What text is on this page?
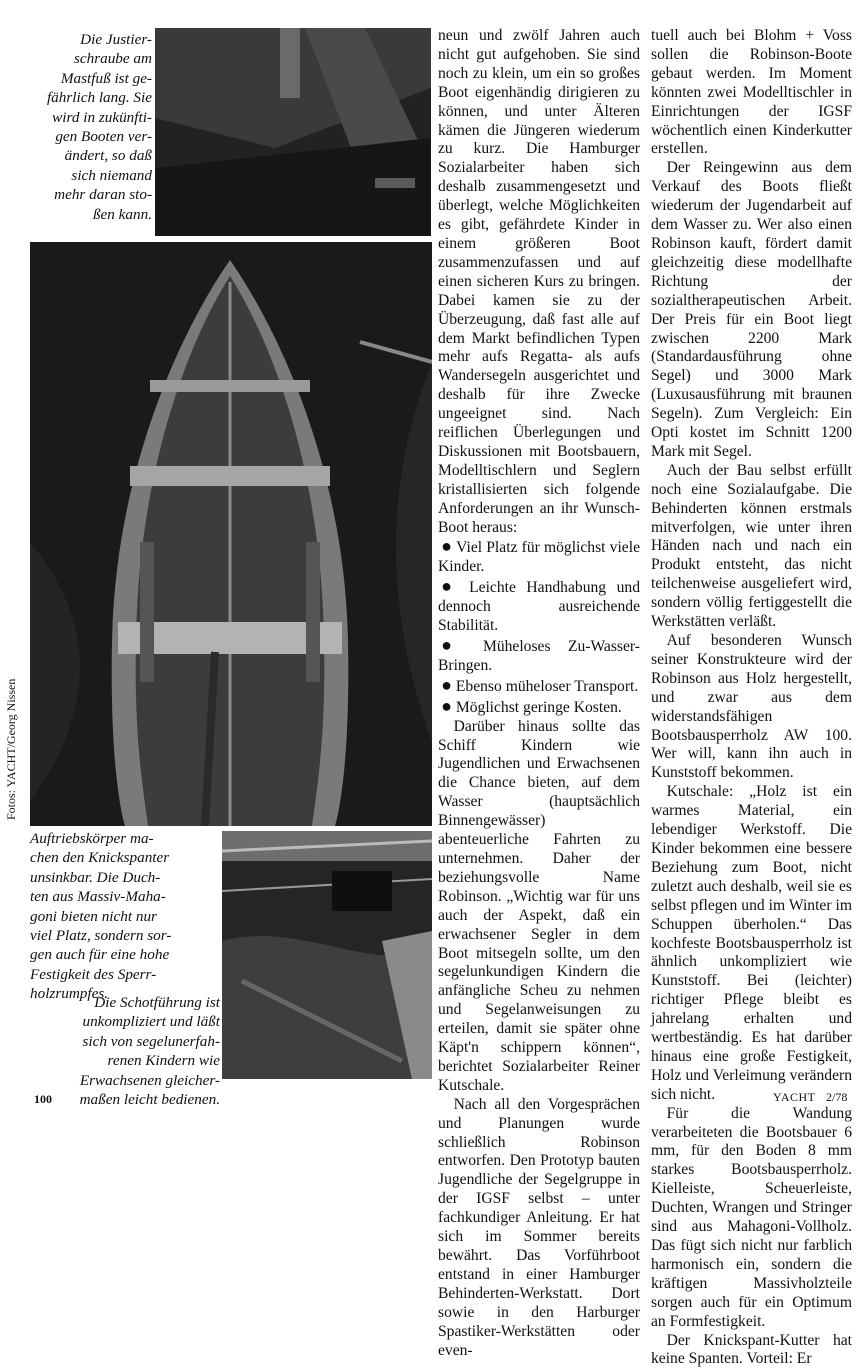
Die Justier-
schraube am
Mastfuß ist ge-
fährlich lang. Sie
wird in zukünfti-
gen Booten ver-
ändert, so daß
sich niemand
mehr daran sto-
ßen kann.
Fotos: YACHT/Georg Nissen
Auftriebskörper ma-
chen den Knickspanter
unsinkbar. Die Duch-
ten aus Massiv-Maha-
goni bieten nicht nur
viel Platz, sondern sor-
gen auch für eine hohe
Festigkeit des Sperr-
holzrumpfes.
Die Schotführung ist
unkompliziert und läßt
sich von segelunerfah-
renen Kindern wie
Erwachsenen gleicher-
maßen leicht bedienen.

neun und zwölf Jahren auch nicht gut aufgehoben. Sie sind noch zu klein, um ein so großes Boot eigenhändig dirigieren zu können, und unter Älteren kämen die Jüngeren wiederum zu kurz. Die Hamburger Sozialarbeiter haben sich deshalb zusammengesetzt und überlegt, welche Möglichkeiten es gibt, gefährdete Kinder in einem größeren Boot zusammenzufassen und auf einen sicheren Kurs zu bringen. Dabei kamen sie zu der Überzeugung, daß fast alle auf dem Markt befindlichen Typen mehr aufs Regatta- als aufs Wandersegeln ausgerichtet und deshalb für ihre Zwecke ungeeignet sind. Nach reiflichen Überlegungen und Diskussionen mit Bootsbauern, Modelltischlern und Seglern kristallisierten sich folgende Anforderungen an ihr Wunsch-Boot heraus:

● Viel Platz für möglichst viele Kinder.

● Leichte Handhabung und dennoch ausreichende Stabilität.

● Müheloses Zu-Wasser-Bringen.

● Ebenso müheloser Transport.

● Möglichst geringe Kosten.

Darüber hinaus sollte das Schiff Kindern wie Jugendlichen und Erwachsenen die Chance bieten, auf dem Wasser (hauptsächlich Binnengewässer) abenteuerliche Fahrten zu unternehmen. Daher der beziehungsvolle Name Robinson. „Wichtig war für uns auch der Aspekt, daß ein erwachsener Segler in dem Boot mitsegeln sollte, um den segelunkundigen Kindern die anfängliche Scheu zu nehmen und Segelanweisungen zu erteilen, damit sie später ohne Käpt'n schippern können“, berichtet Sozialarbeiter Reiner Kutschale.

Nach all den Vorgesprächen und Planungen wurde schließlich Robinson entworfen. Den Prototyp bauten Jugendliche der Segelgruppe in der IGSF selbst – unter fachkundiger Anleitung. Er hat sich im Sommer bereits bewährt. Das Vorführboot entstand in einer Hamburger Behinderten-Werkstatt. Dort sowie in den Harburger Spastiker-Werkstätten oder even-

tuell auch bei Blohm + Voss sollen die Robinson-Boote gebaut werden. Im Moment könnten zwei Modelltischler in Einrichtungen der IGSF wöchentlich einen Kinderkutter erstellen.

Der Reingewinn aus dem Verkauf des Boots fließt wiederum der Jugendarbeit auf dem Wasser zu. Wer also einen Robinson kauft, fördert damit gleichzeitig diese modellhafte Richtung der sozialtherapeutischen Arbeit. Der Preis für ein Boot liegt zwischen 2200 Mark (Standardausführung ohne Segel) und 3000 Mark (Luxusausführung mit braunen Segeln). Zum Vergleich: Ein Opti kostet im Schnitt 1200 Mark mit Segel.

Auch der Bau selbst erfüllt noch eine Sozialaufgabe. Die Behinderten können erstmals mitverfolgen, wie unter ihren Händen nach und nach ein Produkt entsteht, das nicht teilchenweise ausgeliefert wird, sondern völlig fertiggestellt die Werkstätten verläßt.

Auf besonderen Wunsch seiner Konstrukteure wird der Robinson aus Holz hergestellt, und zwar aus dem widerstandsfähigen Bootsbausperrholz AW 100. Wer will, kann ihn auch in Kunststoff bekommen.

Kutschale: „Holz ist ein warmes Material, ein lebendiger Werkstoff. Die Kinder bekommen eine bessere Beziehung zum Boot, nicht zuletzt auch deshalb, weil sie es selbst pflegen und im Winter im Schuppen überholen.“ Das kochfeste Bootsbausperrholz ist ähnlich unkompliziert wie Kunststoff. Bei (leichter) richtiger Pflege bleibt es jahrelang erhalten und wertbeständig. Es hat darüber hinaus eine große Festigkeit, Holz und Verleimung verändern sich nicht.

Für die Wandung verarbeiteten die Bootsbauer 6 mm, für den Boden 8 mm starkes Bootsbausperrholz. Kielleiste, Scheuerleiste, Duchten, Wrangen und Stringer sind aus Mahagoni-Vollholz. Das fügt sich nicht nur farblich harmonisch ein, sondern die kräftigen Massivholzteile sorgen auch für ein Optimum an Formfestigkeit.

Der Knickspant-Kutter hat keine Spanten. Vorteil: Er

100	YACHT 2/78
